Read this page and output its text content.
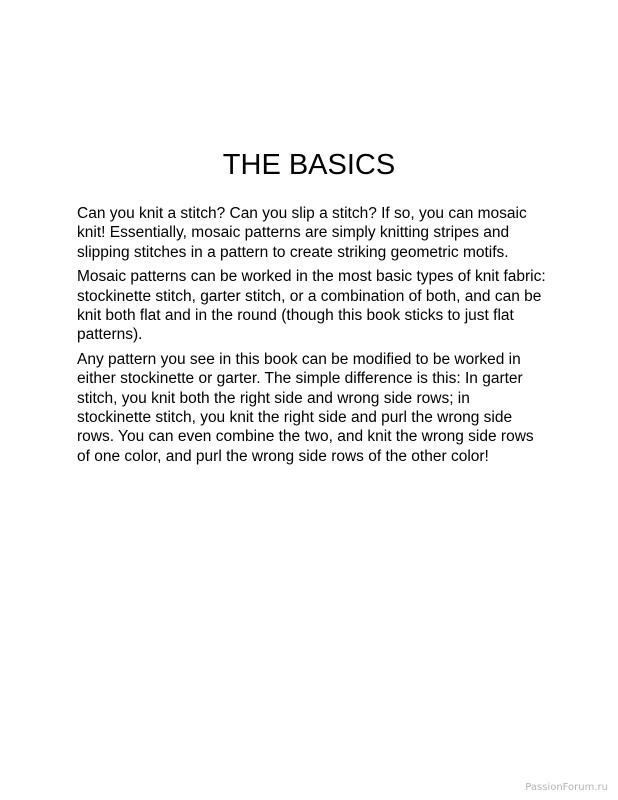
THE BASICS

Can you knit a stitch? Can you slip a stitch? If so, you can mosaic knit! Essentially, mosaic patterns are simply knitting stripes and slipping stitches in a pattern to create striking geometric motifs.

Mosaic patterns can be worked in the most basic types of knit fabric: stockinette stitch, garter stitch, or a combination of both, and can be knit both flat and in the round (though this book sticks to just flat patterns).

Any pattern you see in this book can be modified to be worked in either stockinette or garter. The simple difference is this: In garter stitch, you knit both the right side and wrong side rows; in stockinette stitch, you knit the right side and purl the wrong side rows. You can even combine the two, and knit the wrong side rows of one color, and purl the wrong side rows of the other color!

PassionForum.ru
